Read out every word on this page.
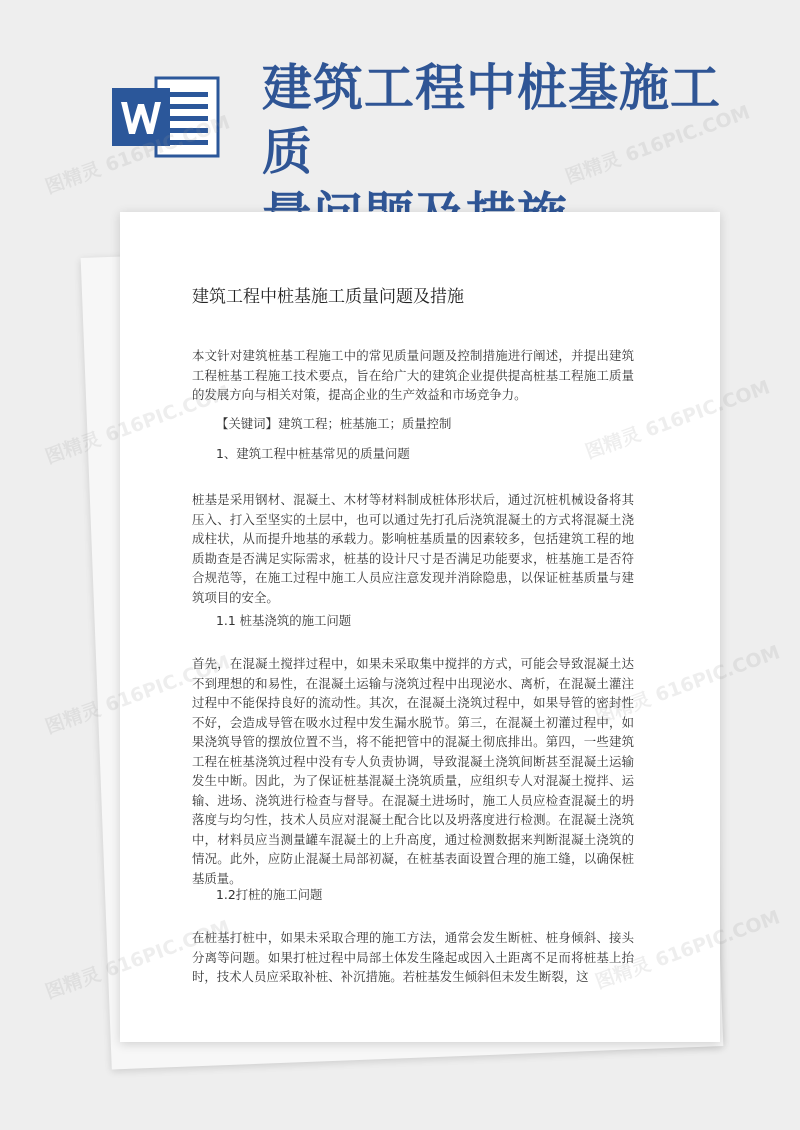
建筑工程中桩基施工质
建筑工程中桩基施工质量问题及措施
本文针对建筑桩基工程施工中的常见质量问题及控制措施进行阐述，并提出建筑工程桩基工程施工技术要点，旨在给广大的建筑企业提供提高桩基工程施工质量的发展方向与相关对策，提高企业的生产效益和市场竞争力。
【关键词】建筑工程；桩基施工；质量控制
1、建筑工程中桩基常见的质量问题
桩基是采用钢材、混凝土、木材等材料制成桩体形状后，通过沉桩机械设备将其压入、打入至坚实的土层中，也可以通过先打孔后浇筑混凝土的方式将混凝土浇成柱状，从而提升地基的承载力。影响桩基质量的因素较多，包括建筑工程的地质勘查是否满足实际需求，桩基的设计尺寸是否满足功能要求，桩基施工是否符合规范等，在施工过程中施工人员应注意发现并消除隐患，以保证桩基质量与建筑项目的安全。
1.1 桩基浇筑的施工问题
首先，在混凝土搅拌过程中，如果未采取集中搅拌的方式，可能会导致混凝土达不到理想的和易性，在混凝土运输与浇筑过程中出现泌水、离析，在混凝土灌注过程中不能保持良好的流动性。其次，在混凝土浇筑过程中，如果导管的密封性不好，会造成导管在吸水过程中发生漏水脱节。第三，在混凝土初灌过程中，如果浇筑导管的摆放位置不当，将不能把管中的混凝土彻底排出。第四，一些建筑工程在桩基浇筑过程中没有专人负责协调，导致混凝土浇筑间断甚至混凝土运输发生中断。因此，为了保证桩基混凝土浇筑质量，应组织专人对混凝土搅拌、运输、进场、浇筑进行检查与督导。在混凝土进场时，施工人员应检查混凝土的坍落度与均匀性，技术人员应对混凝土配合比以及坍落度进行检测。在混凝土浇筑中，材料员应当测量罐车混凝土的上升高度，通过检测数据来判断混凝土浇筑的情况。此外，应防止混凝土局部初凝，在桩基表面设置合理的施工缝，以确保桩基质量。
1.2打桩的施工问题
在桩基打桩中，如果未采取合理的施工方法，通常会发生断桩、桩身倾斜、接头分离等问题。如果打桩过程中局部土体发生隆起或因入土距离不足而将桩基上抬时，技术人员应采取补桩、补沉措施。若桩基发生倾斜但未发生断裂，这
图精灵 616PIC.COM	图精灵 616PIC.COM
图精灵
图精灵
图精灵
